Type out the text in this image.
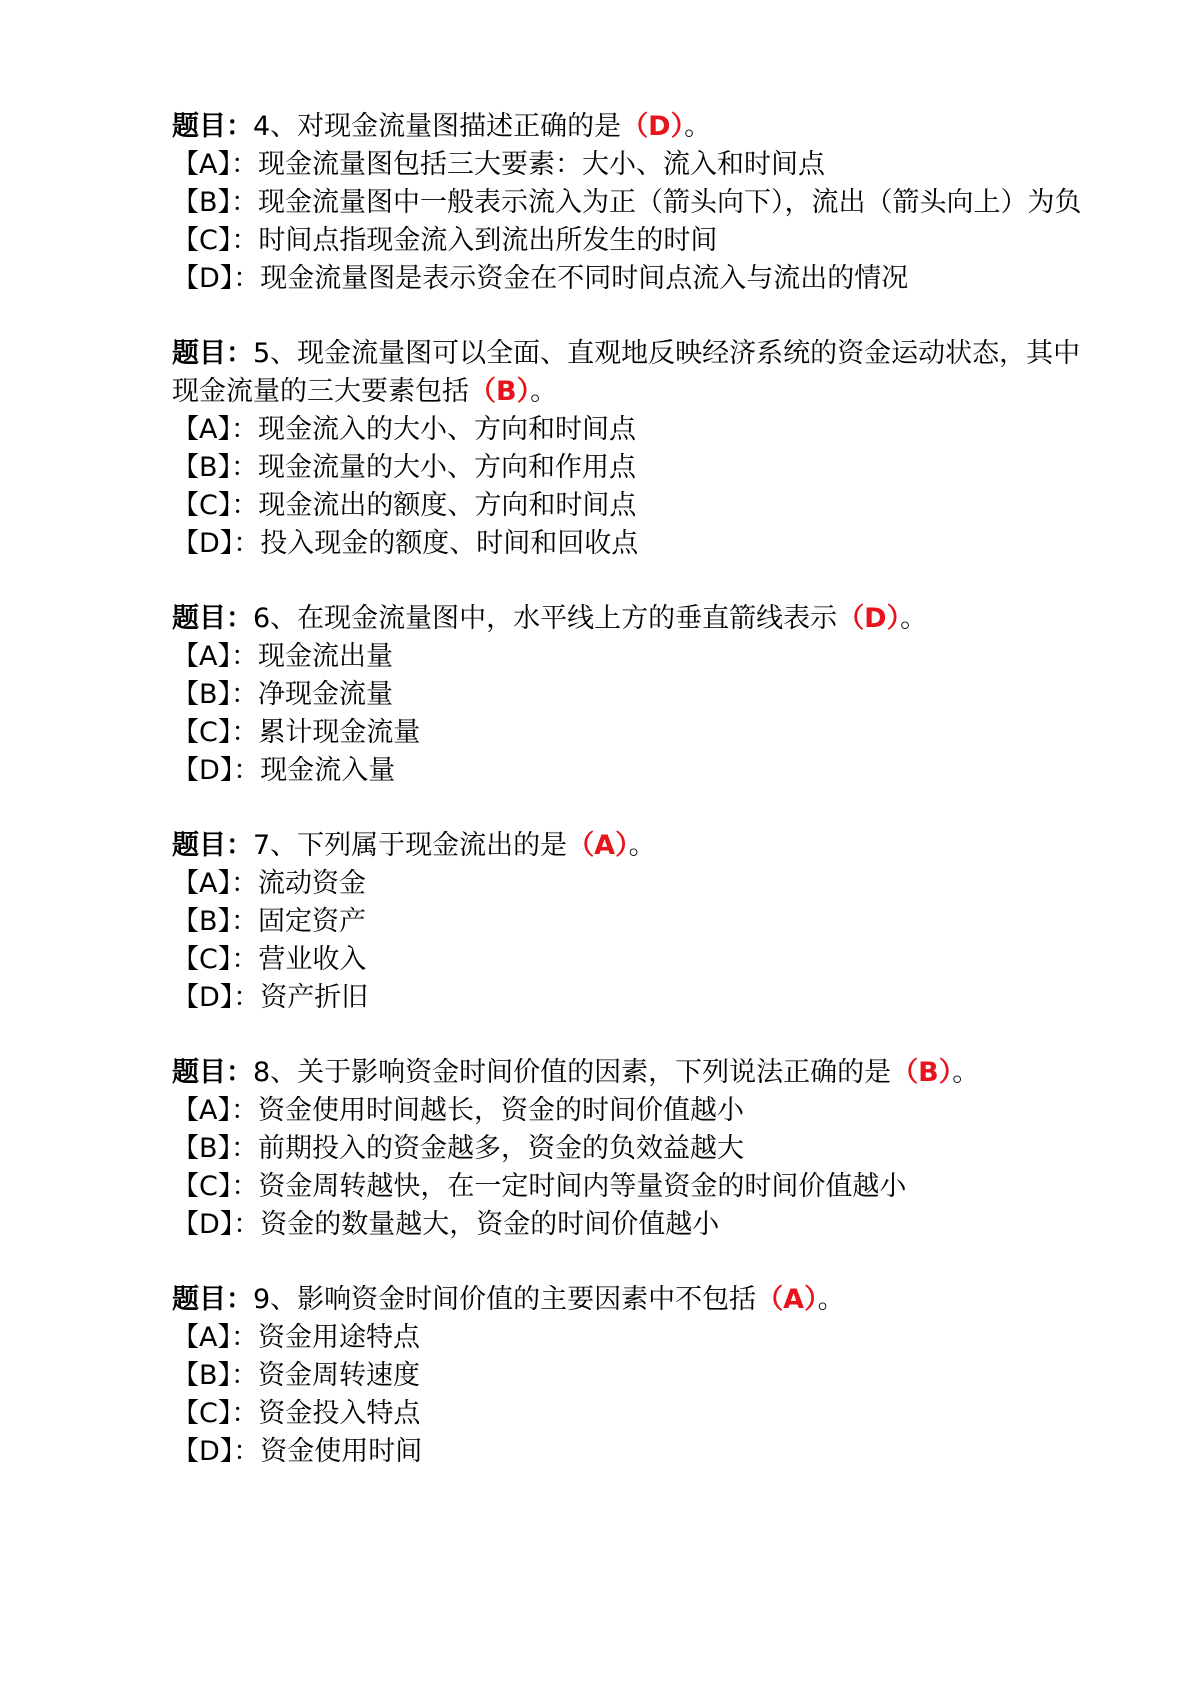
题目：4、对现金流量图描述正确的是（D）。

【A】：现金流量图包括三大要素：大小、流入和时间点

【B】：现金流量图中一般表示流入为正（箭头向下），流出（箭头向上）为负

【C】：时间点指现金流入到流出所发生的时间

【D】：现金流量图是表示资金在不同时间点流入与流出的情况

题目：5、现金流量图可以全面、直观地反映经济系统的资金运动状态，其中现金流量的三大要素包括（B）。

【A】：现金流入的大小、方向和时间点

【B】：现金流量的大小、方向和作用点

【C】：现金流出的额度、方向和时间点

【D】：投入现金的额度、时间和回收点

题目：6、在现金流量图中，水平线上方的垂直箭线表示（D）。

【A】：现金流出量

【B】：净现金流量

【C】：累计现金流量

【D】：现金流入量

题目：7、下列属于现金流出的是（A）。

【A】：流动资金

【B】：固定资产

【C】：营业收入

【D】：资产折旧

题目：8、关于影响资金时间价值的因素，下列说法正确的是（B）。

【A】：资金使用时间越长，资金的时间价值越小

【B】：前期投入的资金越多，资金的负效益越大

【C】：资金周转越快，在一定时间内等量资金的时间价值越小

【D】：资金的数量越大，资金的时间价值越小

题目：9、影响资金时间价值的主要因素中不包括（A）。

【A】：资金用途特点

【B】：资金周转速度

【C】：资金投入特点

【D】：资金使用时间
